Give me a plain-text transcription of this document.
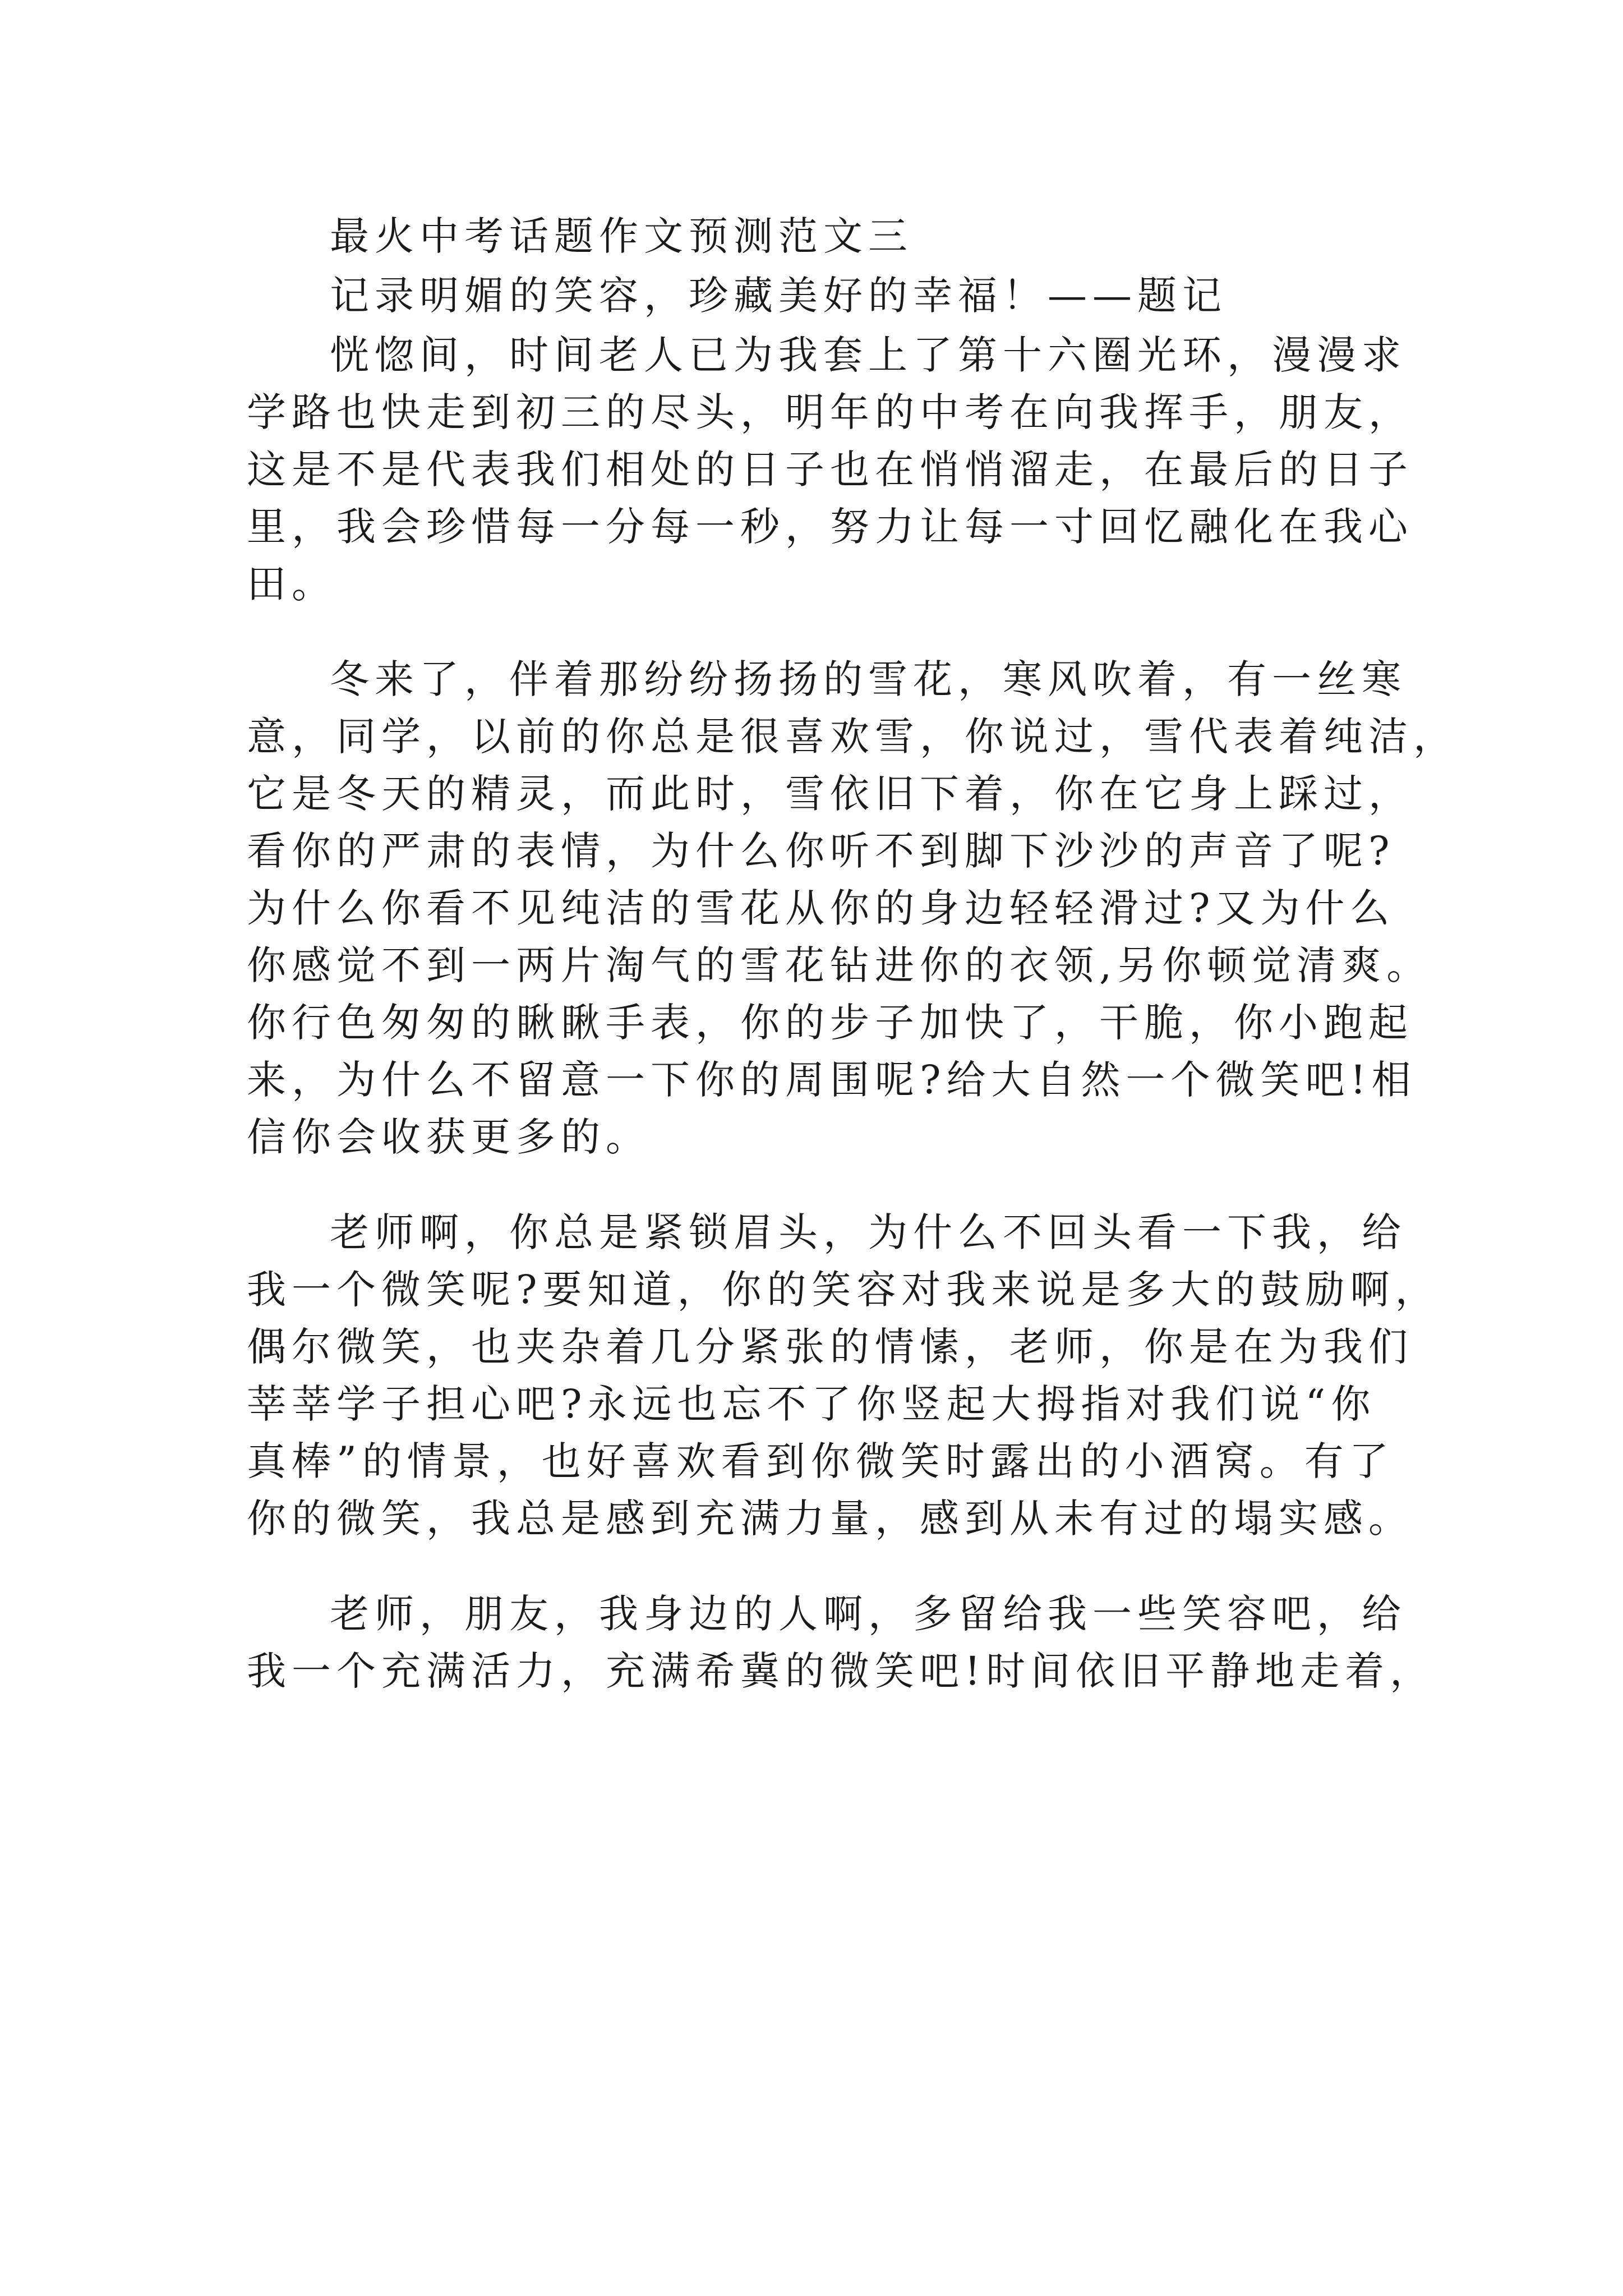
最火中考话题作文预测范文三
记录明媚的笑容，珍藏美好的幸福！——题记
恍惚间，时间老人已为我套上了第十六圈光环，漫漫求
学路也快走到初三的尽头，明年的中考在向我挥手，朋友，
这是不是代表我们相处的日子也在悄悄溜走，在最后的日子
里，我会珍惜每一分每一秒，努力让每一寸回忆融化在我心
田。
冬来了，伴着那纷纷扬扬的雪花，寒风吹着，有一丝寒
意，同学，以前的你总是很喜欢雪，你说过，雪代表着纯洁，
它是冬天的精灵，而此时，雪依旧下着，你在它身上踩过，
看你的严肃的表情，为什么你听不到脚下沙沙的声音了呢?
为什么你看不见纯洁的雪花从你的身边轻轻滑过?又为什么
你感觉不到一两片淘气的雪花钻进你的衣领,另你顿觉清爽。
你行色匆匆的瞅瞅手表，你的步子加快了，干脆，你小跑起
来，为什么不留意一下你的周围呢?给大自然一个微笑吧!相
信你会收获更多的。
老师啊，你总是紧锁眉头，为什么不回头看一下我，给
我一个微笑呢?要知道，你的笑容对我来说是多大的鼓励啊，
偶尔微笑，也夹杂着几分紧张的情愫，老师，你是在为我们
莘莘学子担心吧?永远也忘不了你竖起大拇指对我们说“你
真棒”的情景，也好喜欢看到你微笑时露出的小酒窝。有了
你的微笑，我总是感到充满力量，感到从未有过的塌实感。
老师，朋友，我身边的人啊，多留给我一些笑容吧，给
我一个充满活力，充满希冀的微笑吧!时间依旧平静地走着，
